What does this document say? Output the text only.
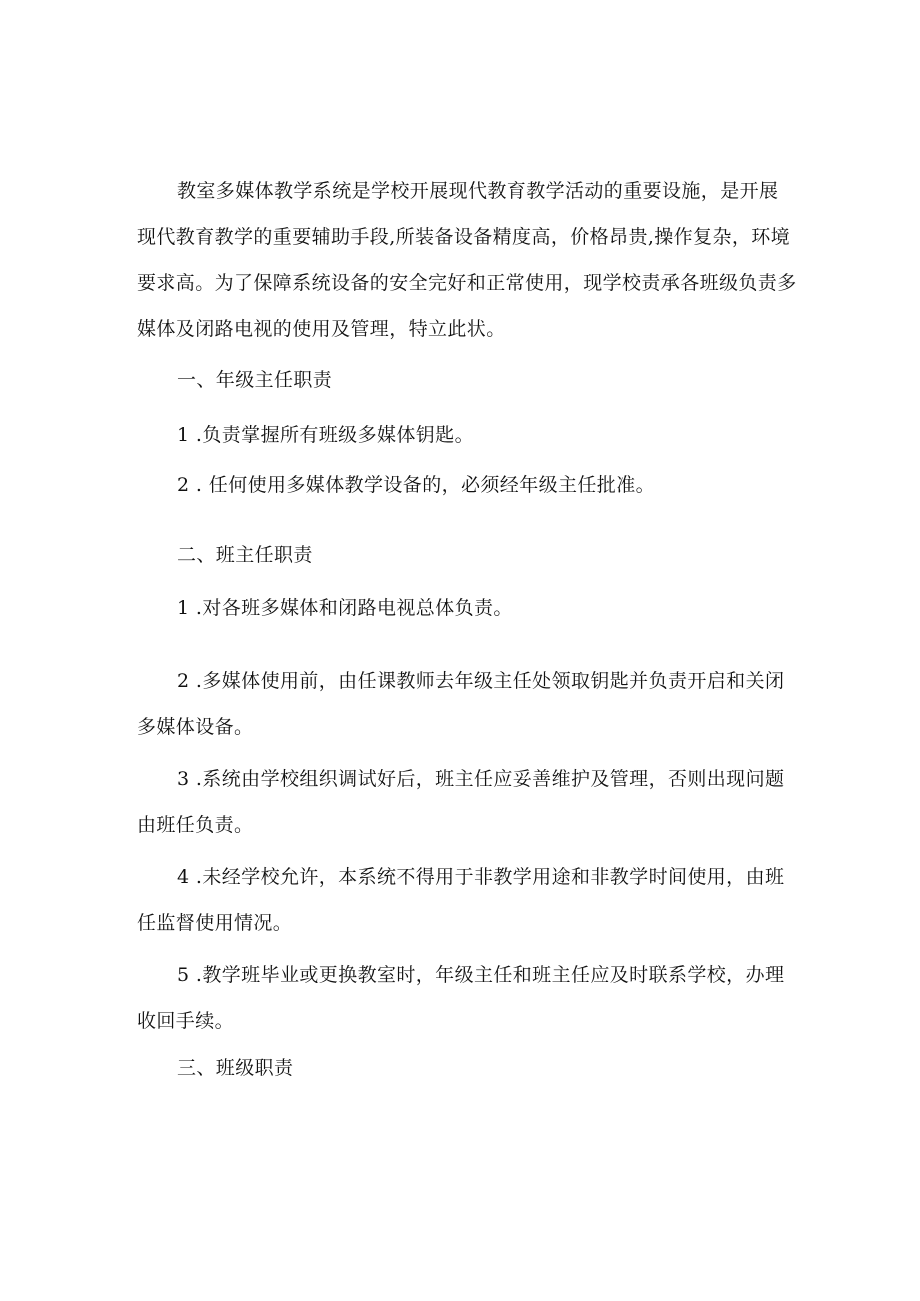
教室多媒体教学系统是学校开展现代教育教学活动的重要设施，是开展现代教育教学的重要辅助手段,所装备设备精度高，价格昂贵,操作复杂，环境要求高。为了保障系统设备的安全完好和正常使用，现学校责承各班级负责多媒体及闭路电视的使用及管理，特立此状。

一、年级主任职责

1 .负责掌握所有班级多媒体钥匙。

2 . 任何使用多媒体教学设备的，必须经年级主任批准。

二、班主任职责

1 .对各班多媒体和闭路电视总体负责。

2 .多媒体使用前，由任课教师去年级主任处领取钥匙并负责开启和关闭多媒体设备。

3 .系统由学校组织调试好后，班主任应妥善维护及管理，否则出现问题由班任负责。

4 .未经学校允许，本系统不得用于非教学用途和非教学时间使用，由班任监督使用情况。

5 .教学班毕业或更换教室时，年级主任和班主任应及时联系学校，办理收回手续。

三、班级职责
